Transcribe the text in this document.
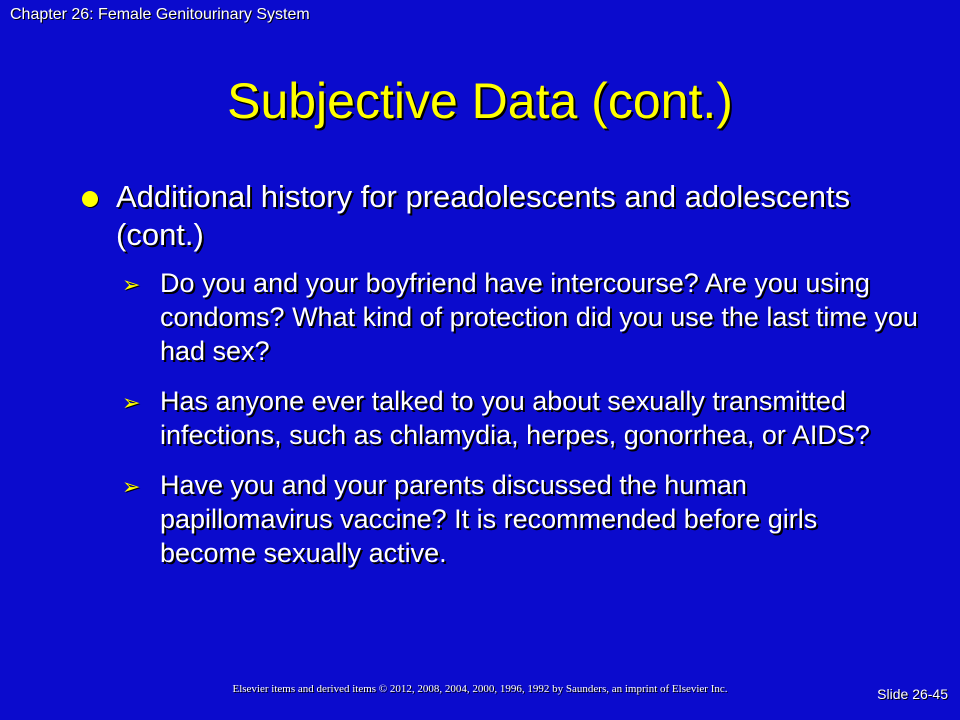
Chapter 26: Female Genitourinary System
Subjective Data (cont.)
Additional history for preadolescents and adolescents (cont.)
➢ Do you and your boyfriend have intercourse? Are you using condoms? What kind of protection did you use the last time you had sex?
➢ Has anyone ever talked to you about sexually transmitted infections, such as chlamydia, herpes, gonorrhea, or AIDS?
➢ Have you and your parents discussed the human papillomavirus vaccine? It is recommended before girls become sexually active.
Elsevier items and derived items © 2012, 2008, 2004, 2000, 1996, 1992 by Saunders, an imprint of Elsevier Inc.	Slide 26-45
